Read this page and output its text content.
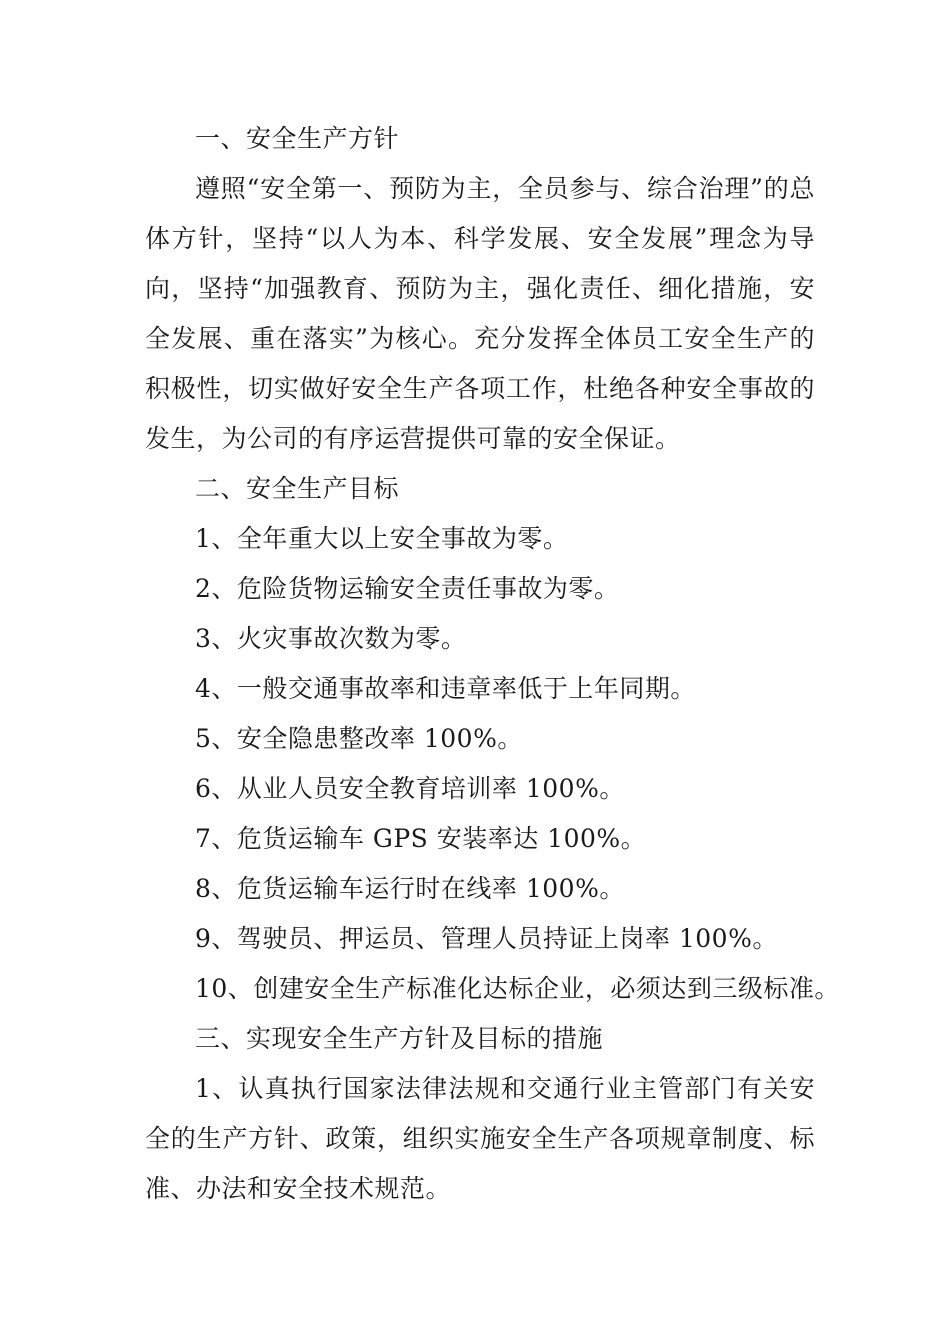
一、安全生产方针

遵照“安全第一、预防为主，全员参与、综合治理”的总体方针，坚持“以人为本、科学发展、安全发展”理念为导向，坚持“加强教育、预防为主，强化责任、细化措施，安全发展、重在落实”为核心。充分发挥全体员工安全生产的积极性，切实做好安全生产各项工作，杜绝各种安全事故的发生，为公司的有序运营提供可靠的安全保证。

二、安全生产目标

1、全年重大以上安全事故为零。

2、危险货物运输安全责任事故为零。

3、火灾事故次数为零。

4、一般交通事故率和违章率低于上年同期。

5、安全隐患整改率 100%。

6、从业人员安全教育培训率 100%。

7、危货运输车 GPS 安装率达 100%。

8、危货运输车运行时在线率 100%。

9、驾驶员、押运员、管理人员持证上岗率 100%。

10、创建安全生产标准化达标企业，必须达到三级标准。

三、实现安全生产方针及目标的措施

1、认真执行国家法律法规和交通行业主管部门有关安全的生产方针、政策，组织实施安全生产各项规章制度、标准、办法和安全技术规范。
